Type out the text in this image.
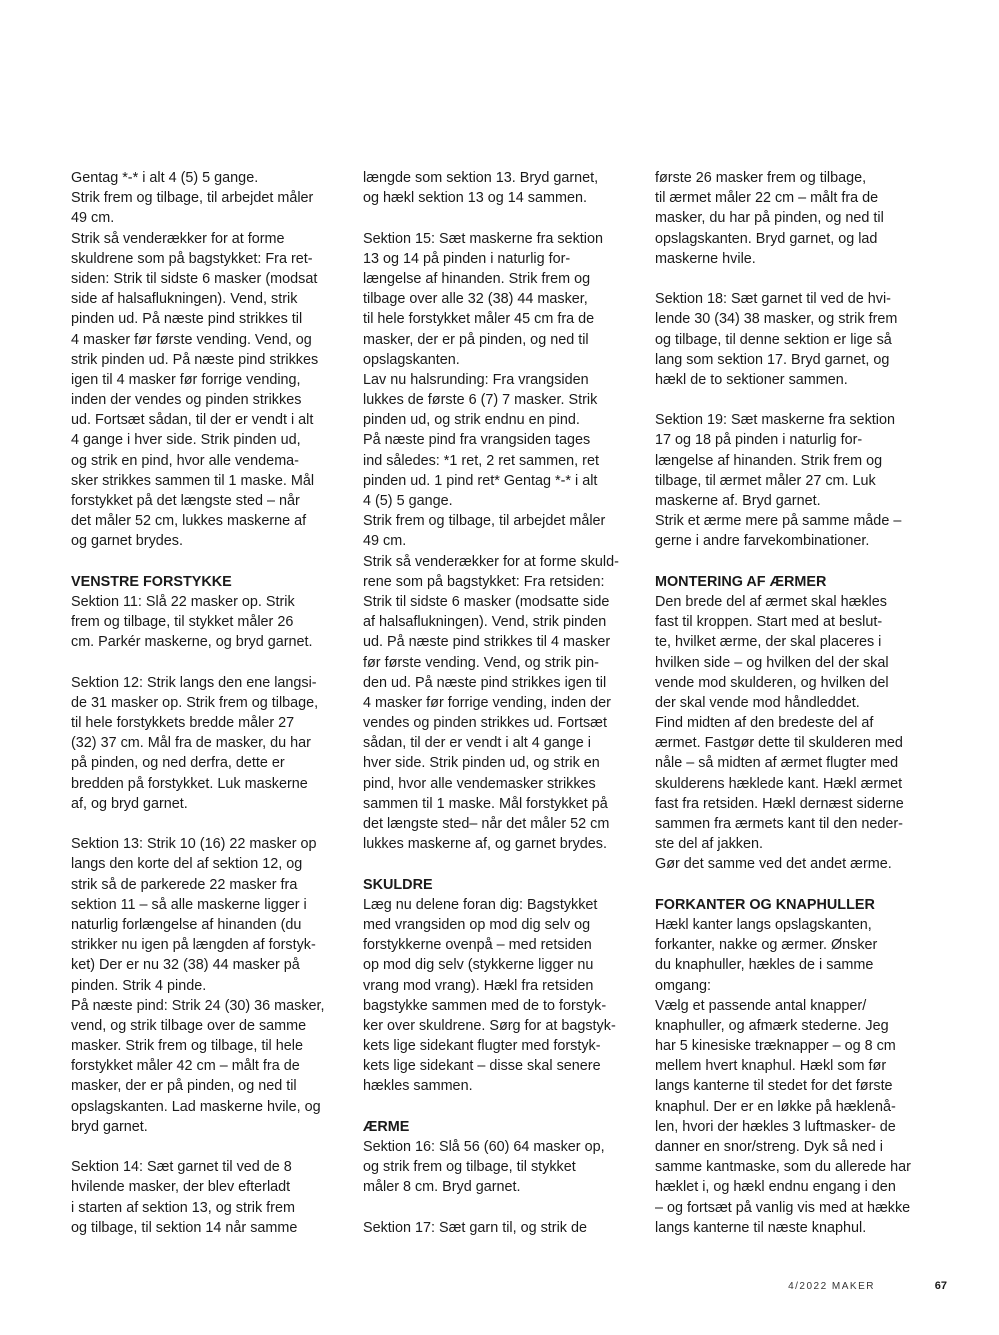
Gentag *-* i alt 4 (5) 5 gange.
Strik frem og tilbage, til arbejdet måler
49 cm.
Strik så venderækker for at forme
skuldrene som på bagstykket: Fra ret-
siden: Strik til sidste 6 masker (modsat
side af halsaflukningen). Vend, strik
pinden ud. På næste pind strikkes til
4 masker før første vending. Vend, og
strik pinden ud. På næste pind strikkes
igen til 4 masker før forrige vending,
inden der vendes og pinden strikkes
ud. Fortsæt sådan, til der er vendt i alt
4 gange i hver side. Strik pinden ud,
og strik en pind, hvor alle vendema-
sker strikkes sammen til 1 maske. Mål
forstykket på det længste sted – når
det måler 52 cm, lukkes maskerne af
og garnet brydes.
VENSTRE FORSTYKKE
Sektion 11: Slå 22 masker op. Strik
frem og tilbage, til stykket måler 26
cm. Parkér maskerne, og bryd garnet.
Sektion 12: Strik langs den ene langsi-
de 31 masker op. Strik frem og tilbage,
til hele forstykkets bredde måler 27
(32) 37 cm. Mål fra de masker, du har
på pinden, og ned derfra, dette er
bredden på forstykket. Luk maskerne
af, og bryd garnet.
Sektion 13: Strik 10 (16) 22 masker op
langs den korte del af sektion 12, og
strik så de parkerede 22 masker fra
sektion 11 – så alle maskerne ligger i
naturlig forlængelse af hinanden (du
strikker nu igen på længden af forstyk-
ket) Der er nu 32 (38) 44 masker på
pinden. Strik 4 pinde.
På næste pind: Strik 24 (30) 36 masker,
vend, og strik tilbage over de samme
masker. Strik frem og tilbage, til hele
forstykket måler 42 cm – målt fra de
masker, der er på pinden, og ned til
opslagskanten. Lad maskerne hvile, og
bryd garnet.
Sektion 14: Sæt garnet til ved de 8
hvilende masker, der blev efterladt
i starten af sektion 13, og strik frem
og tilbage, til sektion 14 når samme
længde som sektion 13. Bryd garnet,
og hækl sektion 13 og 14 sammen.
Sektion 15: Sæt maskerne fra sektion
13 og 14 på pinden i naturlig for-
længelse af hinanden. Strik frem og
tilbage over alle 32 (38) 44 masker,
til hele forstykket måler 45 cm fra de
masker, der er på pinden, og ned til
opslagskanten.
Lav nu halsrunding: Fra vrangsiden
lukkes de første 6 (7) 7 masker. Strik
pinden ud, og strik endnu en pind.
På næste pind fra vrangsiden tages
ind således: *1 ret, 2 ret sammen, ret
pinden ud. 1 pind ret* Gentag *-* i alt
4 (5) 5 gange.
Strik frem og tilbage, til arbejdet måler
49 cm.
Strik så venderækker for at forme skuld-
rene som på bagstykket: Fra retsiden:
Strik til sidste 6 masker (modsatte side
af halsaflukningen). Vend, strik pinden
ud. På næste pind strikkes til 4 masker
før første vending. Vend, og strik pin-
den ud. På næste pind strikkes igen til
4 masker før forrige vending, inden der
vendes og pinden strikkes ud. Fortsæt
sådan, til der er vendt i alt 4 gange i
hver side. Strik pinden ud, og strik en
pind, hvor alle vendemasker strikkes
sammen til 1 maske. Mål forstykket på
det længste sted– når det måler 52 cm
lukkes maskerne af, og garnet brydes.
SKULDRE
Læg nu delene foran dig: Bagstykket
med vrangsiden op mod dig selv og
forstykkerne ovenpå – med retsiden
op mod dig selv (stykkerne ligger nu
vrang mod vrang). Hækl fra retsiden
bagstykke sammen med de to forstyk-
ker over skuldrene. Sørg for at bagstyk-
kets lige sidekant flugter med forstyk-
kets lige sidekant – disse skal senere
hækles sammen.
ÆRME
Sektion 16: Slå 56 (60) 64 masker op,
og strik frem og tilbage, til stykket
måler 8 cm. Bryd garnet.
Sektion 17: Sæt garn til, og strik de
første 26 masker frem og tilbage,
til ærmet måler 22 cm – målt fra de
masker, du har på pinden, og ned til
opslagskanten. Bryd garnet, og lad
maskerne hvile.
Sektion 18: Sæt garnet til ved de hvi-
lende 30 (34) 38 masker, og strik frem
og tilbage, til denne sektion er lige så
lang som sektion 17. Bryd garnet, og
hækl de to sektioner sammen.
Sektion 19: Sæt maskerne fra sektion
17 og 18 på pinden i naturlig for-
længelse af hinanden. Strik frem og
tilbage, til ærmet måler 27 cm. Luk
maskerne af. Bryd garnet.
Strik et ærme mere på samme måde –
gerne i andre farvekombinationer.
MONTERING AF ÆRMER
Den brede del af ærmet skal hækles
fast til kroppen. Start med at beslut-
te, hvilket ærme, der skal placeres i
hvilken side – og hvilken del der skal
vende mod skulderen, og hvilken del
der skal vende mod håndleddet.
Find midten af den bredeste del af
ærmet. Fastgør dette til skulderen med
nåle – så midten af ærmet flugter med
skulderens hæklede kant. Hækl ærmet
fast fra retsiden. Hækl dernæst siderne
sammen fra ærmets kant til den neder-
ste del af jakken.
Gør det samme ved det andet ærme.
FORKANTER OG KNAPHULLER
Hækl kanter langs opslagskanten,
forkanter, nakke og ærmer. Ønsker
du knaphuller, hækles de i samme
omgang:
Vælg et passende antal knapper/
knaphuller, og afmærk stederne. Jeg
har 5 kinesiske træknapper – og 8 cm
mellem hvert knaphul. Hækl som før
langs kanterne til stedet for det første
knaphul. Der er en løkke på hæklenå-
len, hvori der hækles 3 luftmasker- de
danner en snor/streng. Dyk så ned i
samme kantmaske, som du allerede har
hæklet i, og hækl endnu engang i den
– og fortsæt på vanlig vis med at hække
langs kanterne til næste knaphul.
4/2022 MAKER	67
